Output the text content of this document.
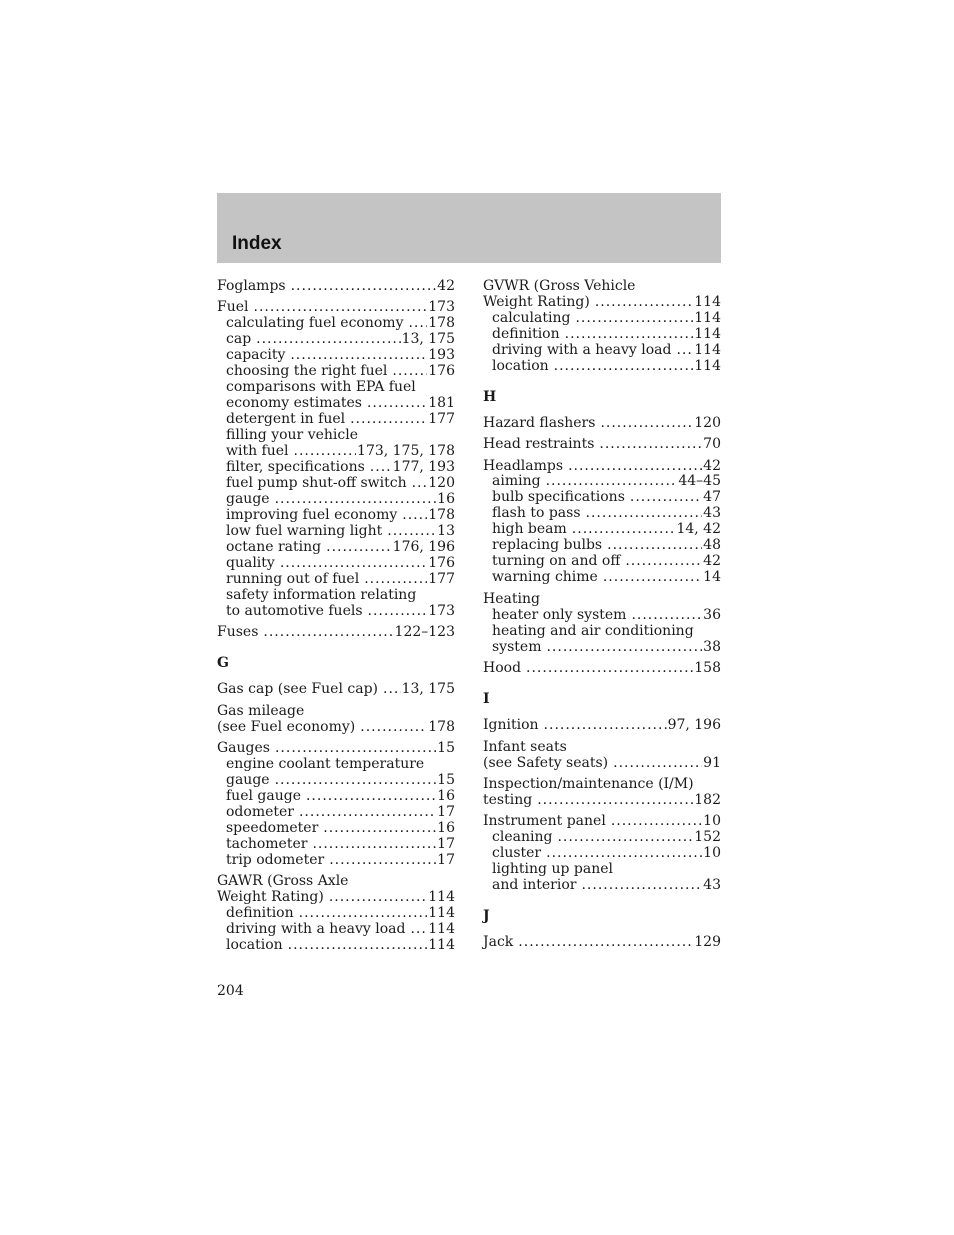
Index
Foglamps .....	42
Fuel .....	173
calculating fuel economy ..... 178
cap .....	13, 175
capacity .....	193
choosing the right fuel .....	176
comparisons with EPA fuel
economy estimates .....	181
detergent in fuel .....	177
filling your vehicle
with fuel .....	173, 175, 178
filter, specifications ..... 177, 193
fuel pump shut-off switch ..... 120
gauge .....	16
improving fuel economy ..... 178
low fuel warning light .....	13
octane rating .....	176, 196
quality .....	176
running out of fuel .....	177
safety information relating
to automotive fuels .....	173
Fuses .....	122–123
G
Gas cap (see Fuel cap) ..... 13, 175
Gas mileage
(see Fuel economy) .....	178
Gauges .....	15
engine coolant temperature
gauge .....	15
fuel gauge .....	16
odometer .....	17
speedometer .....	16
tachometer .....	17
trip odometer .....	17
GAWR (Gross Axle
Weight Rating) .....	114
definition .....	114
driving with a heavy load ..... 114
location .....	114
GVWR (Gross Vehicle
Weight Rating) .....	114
calculating .....	114
definition .....	114
driving with a heavy load ..... 114
location .....	114
H
Hazard flashers .....	120
Head restraints .....	70
Headlamps .....	42
aiming .....	44–45
bulb specifications .....	47
flash to pass .....	43
high beam .....	14, 42
replacing bulbs .....	48
turning on and off .....	42
warning chime .....	14
Heating
heater only system .....	36
heating and air conditioning
system .....	38
Hood .....	158
I
Ignition .....	97, 196
Infant seats
(see Safety seats) .....	91
Inspection/maintenance (I/M)
testing .....	182
Instrument panel .....	10
cleaning .....	152
cluster .....	10
lighting up panel
and interior .....	43
J
Jack .....	129
204
